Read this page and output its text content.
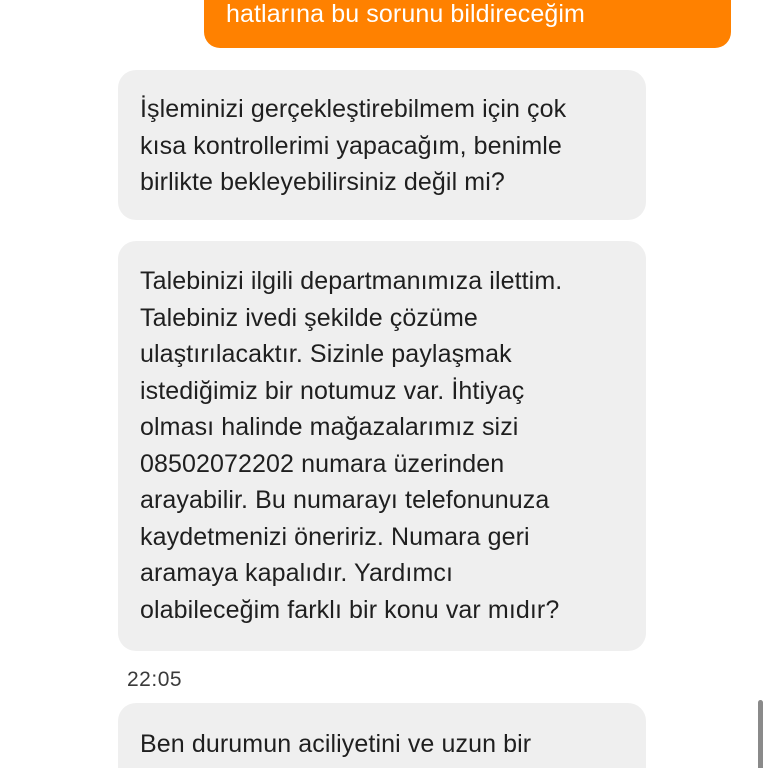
hatlarına bu sorunu bildireceğim
İşleminizi gerçekleştirebilmem için çok
kısa kontrollerimi yapacağım, benimle
birlikte bekleyebilirsiniz değil mi?
Talebinizi ilgili departmanımıza ilettim.
Talebiniz ivedi şekilde çözüme
ulaştırılacaktır. Sizinle paylaşmak
istediğimiz bir notumuz var. İhtiyaç
olması halinde mağazalarımız sizi
08502072202 numara üzerinden
arayabilir. Bu numarayı telefonunuza
kaydetmenizi öneririz. Numara geri
aramaya kapalıdır. Yardımcı
olabileceğim farklı bir konu var mıdır?
22:05
Ben durumun aciliyetini ve uzun bir
